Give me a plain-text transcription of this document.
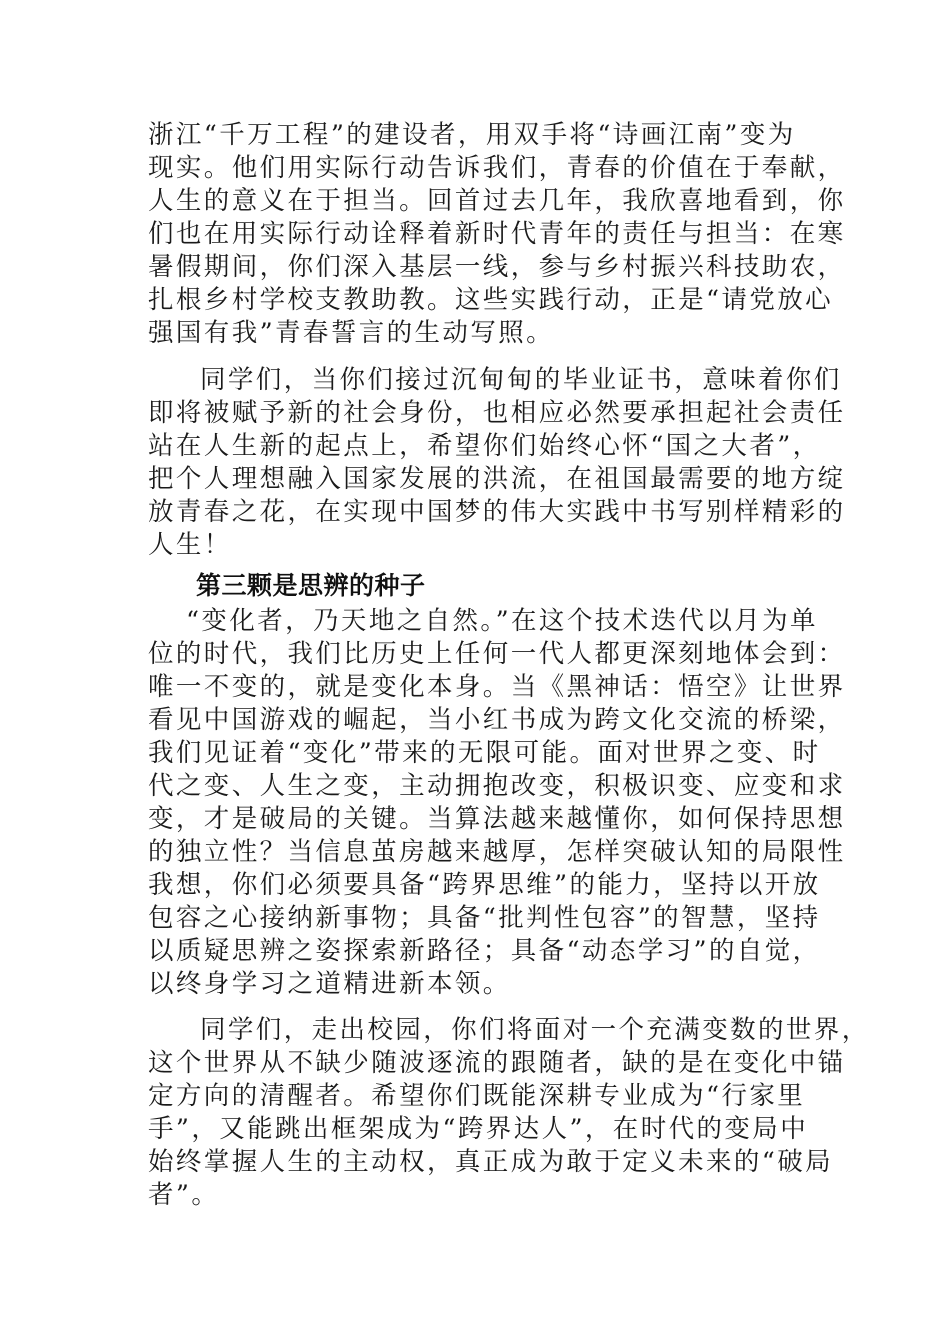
浙江“千万工程”的建设者，用双手将“诗画江南”变为
现实。他们用实际行动告诉我们，青春的价值在于奉献，
人生的意义在于担当。回首过去几年，我欣喜地看到，你
们也在用实际行动诠释着新时代青年的责任与担当：在寒
暑假期间，你们深入基层一线，参与乡村振兴科技助农，
扎根乡村学校支教助教。这些实践行动，正是“请党放心
强国有我”青春誓言的生动写照。
同学们，当你们接过沉甸甸的毕业证书，意味着你们
即将被赋予新的社会身份，也相应必然要承担起社会责任
站在人生新的起点上，希望你们始终心怀“国之大者”，
把个人理想融入国家发展的洪流，在祖国最需要的地方绽
放青春之花，在实现中国梦的伟大实践中书写别样精彩的
人生！
第三颗是思辨的种子
“变化者，乃天地之自然。”在这个技术迭代以月为单
位的时代，我们比历史上任何一代人都更深刻地体会到：
唯一不变的，就是变化本身。当《黑神话：悟空》让世界
看见中国游戏的崛起，当小红书成为跨文化交流的桥梁，
我们见证着“变化”带来的无限可能。面对世界之变、时
代之变、人生之变，主动拥抱改变，积极识变、应变和求
变，才是破局的关键。当算法越来越懂你，如何保持思想
的独立性？当信息茧房越来越厚，怎样突破认知的局限性
我想，你们必须要具备“跨界思维”的能力，坚持以开放
包容之心接纳新事物；具备“批判性包容”的智慧，坚持
以质疑思辨之姿探索新路径；具备“动态学习”的自觉，
以终身学习之道精进新本领。
同学们，走出校园，你们将面对一个充满变数的世界，
这个世界从不缺少随波逐流的跟随者，缺的是在变化中锚
定方向的清醒者。希望你们既能深耕专业成为“行家里
手”，又能跳出框架成为“跨界达人”，在时代的变局中
始终掌握人生的主动权，真正成为敢于定义未来的“破局
者”。
